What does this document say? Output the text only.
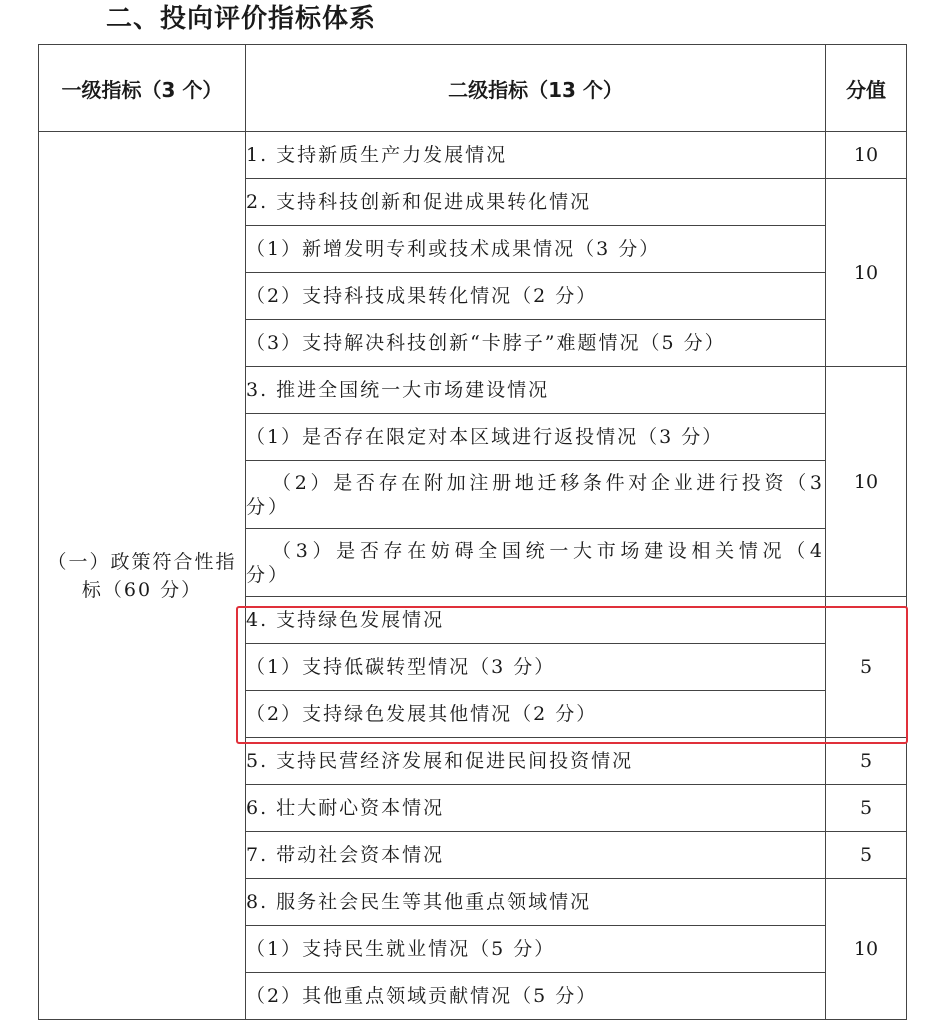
二、投向评价指标体系
一级指标（3 个）	二级指标（13 个）	分值
（一）政策符合性指标（60 分）	1. 支持新质生产力发展情况	10
	2. 支持科技创新和促进成果转化情况	10
	（1）新增发明专利或技术成果情况（3 分）	
	（2）支持科技成果转化情况（2 分）	
	（3）支持解决科技创新“卡脖子”难题情况（5 分）	
	3. 推进全国统一大市场建设情况	10
	（1）是否存在限定对本区域进行返投情况（3 分）	
	（2）是否存在附加注册地迁移条件对企业进行投资（3 分）	
	（3）是否存在妨碍全国统一大市场建设相关情况（4 分）	
	4. 支持绿色发展情况	5
	（1）支持低碳转型情况（3 分）	
	（2）支持绿色发展其他情况（2 分）	
	5. 支持民营经济发展和促进民间投资情况	5
	6. 壮大耐心资本情况	5
	7. 带动社会资本情况	5
	8. 服务社会民生等其他重点领域情况	10
	（1）支持民生就业情况（5 分）	
	（2）其他重点领域贡献情况（5 分）	
